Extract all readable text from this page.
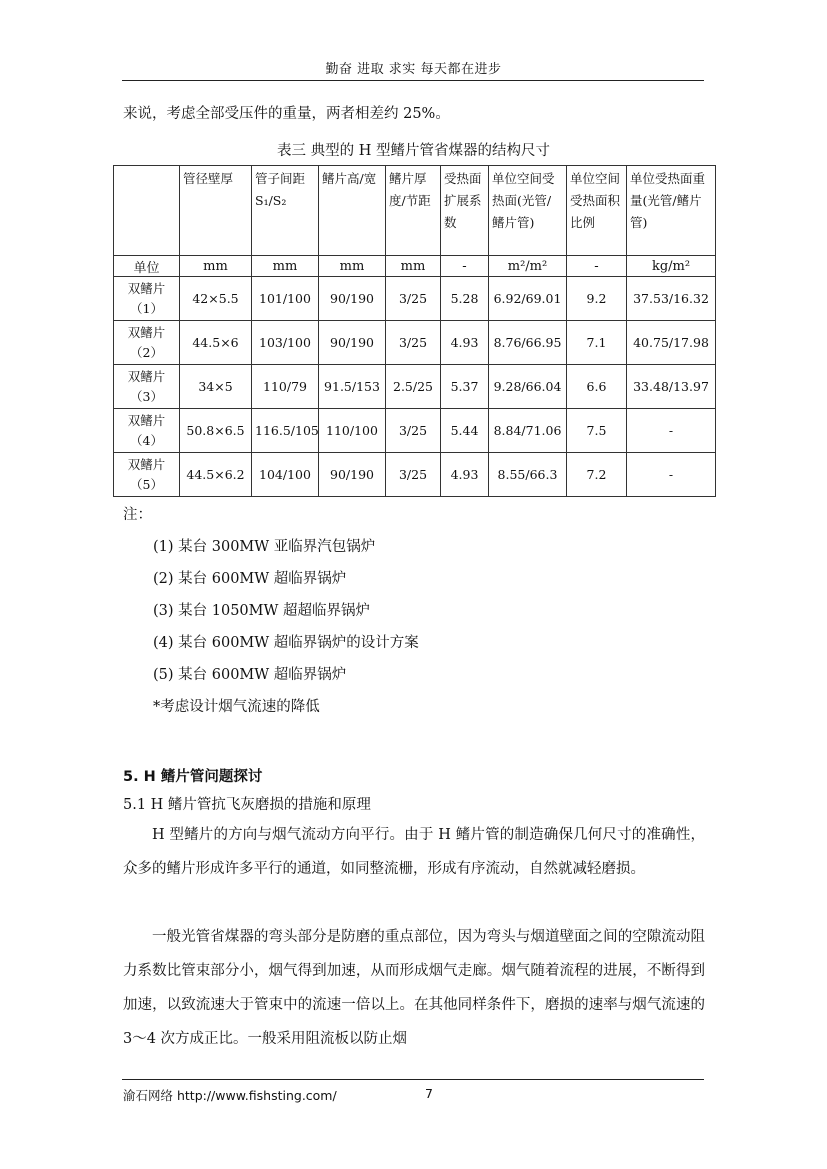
勤奋 进取 求实 每天都在进步
来说，考虑全部受压件的重量，两者相差约 25%。
表三 典型的 H 型鳍片管省煤器的结构尺寸

	管径壁厚	管子间距 S₁/S₂	鳍片高/宽	鳍片厚度/节距	受热面扩展系数	单位空间受热面(光管/鳍片管)	单位空间受热面积比例	单位受热面重量(光管/鳍片管)

单位	mm	mm	mm	mm	-	m²/m²	-	kg/m²
双鳍片（1）	42×5.5	101/100	90/190	3/25	5.28	6.92/69.01	9.2	37.53/16.32
双鳍片（2）	44.5×6	103/100	90/190	3/25	4.93	8.76/66.95	7.1	40.75/17.98
双鳍片（3）	34×5	110/79	91.5/153	2.5/25	5.37	9.28/66.04	6.6	33.48/13.97
双鳍片（4）	50.8×6.5	116.5/105	110/100	3/25	5.44	8.84/71.06	7.5	-
双鳍片（5）	44.5×6.2	104/100	90/190	3/25	4.93	8.55/66.3	7.2	-
注：
(1) 某台 300MW 亚临界汽包锅炉
(2) 某台 600MW 超临界锅炉
(3) 某台 1050MW 超超临界锅炉
(4) 某台 600MW 超临界锅炉的设计方案
(5) 某台 600MW 超临界锅炉
*考虑设计烟气流速的降低
5. H 鳍片管问题探讨
5.1 H 鳍片管抗飞灰磨损的措施和原理
H 型鳍片的方向与烟气流动方向平行。由于 H 鳍片管的制造确保几何尺寸的准确性，众多的鳍片形成许多平行的通道，如同整流栅，形成有序流动，自然就减轻磨损。
一般光管省煤器的弯头部分是防磨的重点部位，因为弯头与烟道壁面之间的空隙流动阻力系数比管束部分小，烟气得到加速，从而形成烟气走廊。烟气随着流程的进展，不断得到加速，以致流速大于管束中的流速一倍以上。在其他同样条件下，磨损的速率与烟气流速的 3～4 次方成正比。一般采用阻流板以防止烟
渝石网络 http://www.fishsting.com/	7
